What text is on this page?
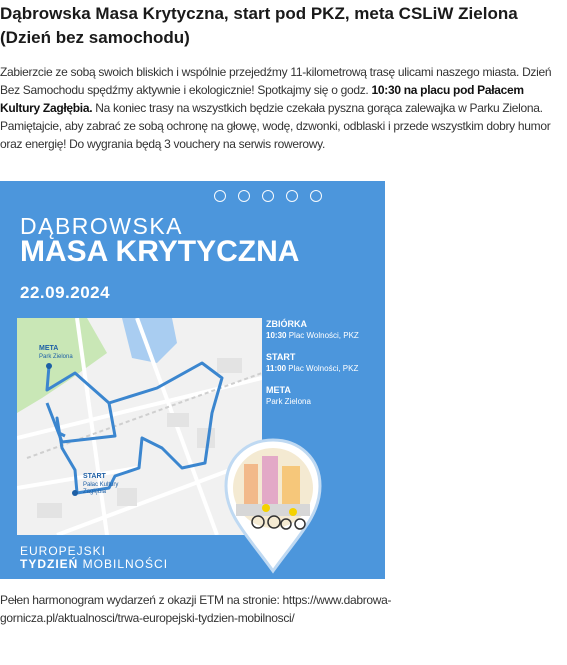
Dąbrowska Masa Krytyczna, start pod PKZ, meta CSLiW Zielona (Dzień bez samochodu)

Zabierzcie ze sobą swoich bliskich i wspólnie przejedźmy 11-kilometrową trasę ulicami naszego miasta. Dzień Bez Samochodu spędźmy aktywnie i ekologicznie! Spotkajmy się o godz. 10:30 na placu pod Pałacem Kultury Zagłębia. Na koniec trasy na wszystkich będzie czekała pyszna gorąca zalewajka w Parku Zielona. Pamiętajcie, aby zabrać ze sobą ochronę na głowę, wodę, dzwonki, odblaski i przede wszystkim dobry humor oraz energię! Do wygrania będą 3 vouchery na serwis rowerowy.

DĄBROWSKA
MASA KRYTYCZNA
22.09.2024
META
Park Zielona
START
Pałac Kultury
Zagłębia
ZBIÓRKA
10:30 Plac Wolności, PKZ
START
11:00 Plac Wolności, PKZ
META
Park Zielona
EUROPEJSKI
TYDZIEŃ MOBILNOŚCI

Pełen harmonogram wydarzeń z okazji ETM na stronie: https://www.dabrowa-gornicza.pl/aktualnosci/trwa-europejski-tydzien-mobilnosci/
